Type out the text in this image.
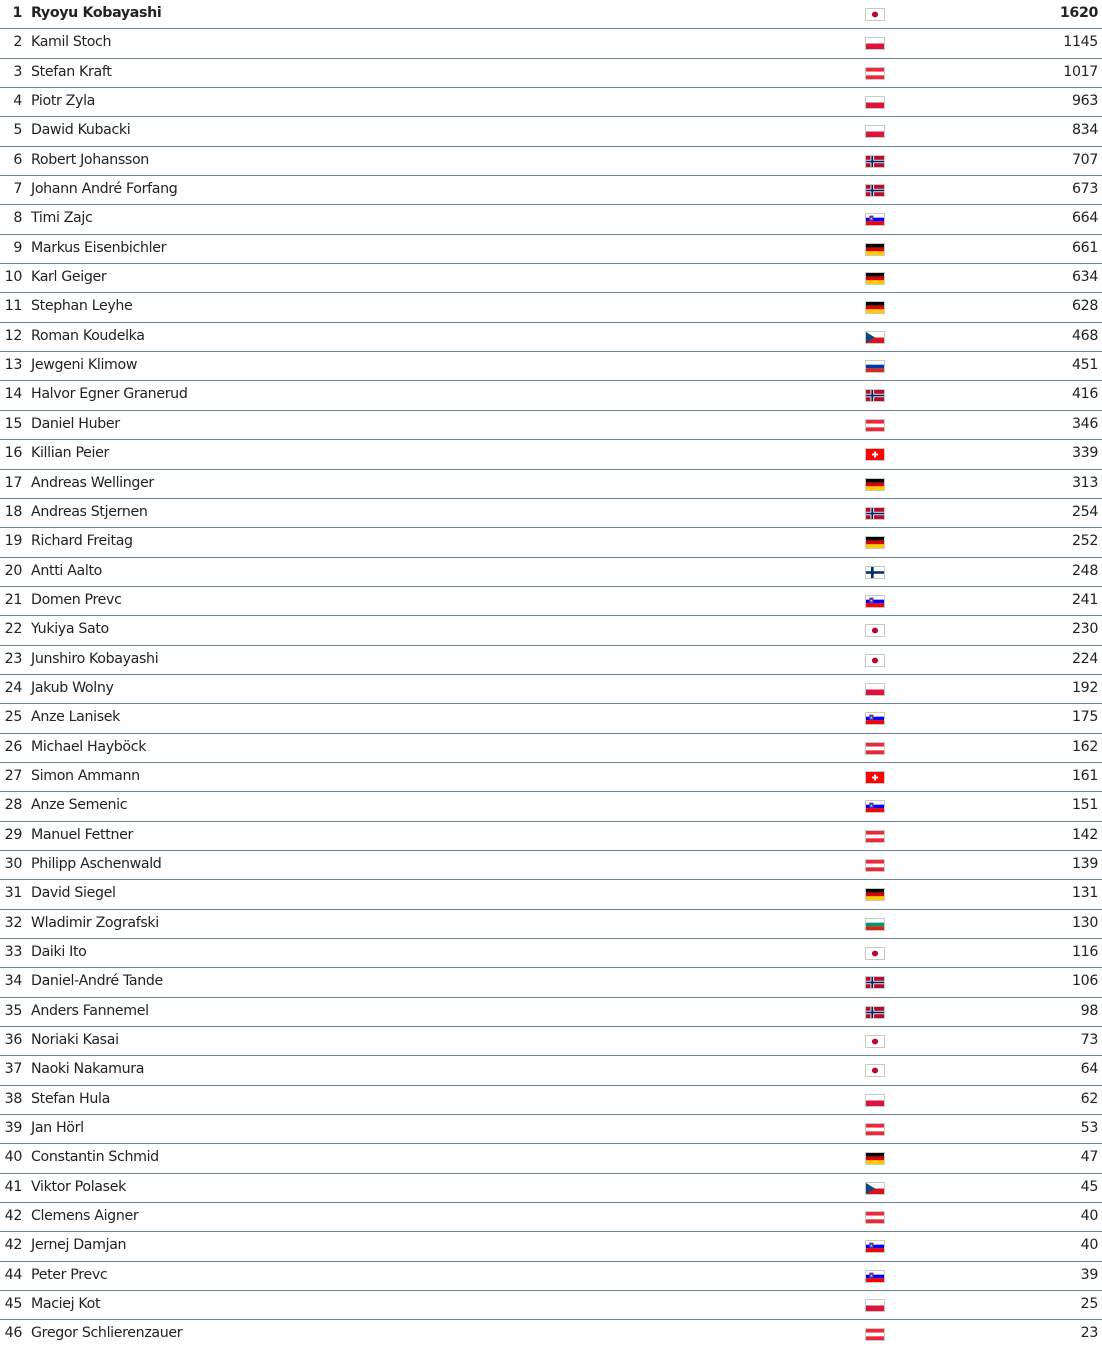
1 Ryoyu Kobayashi	1620
2 Kamil Stoch	1145
3 Stefan Kraft	1017
4 Piotr Zyla	963
5 Dawid Kubacki	834
6 Robert Johansson	707
7 Johann André Forfang	673
8 Timi Zajc	664
9 Markus Eisenbichler	661
10 Karl Geiger	634
11 Stephan Leyhe	628
12 Roman Koudelka	468
13 Jewgeni Klimow	451
14 Halvor Egner Granerud	416
15 Daniel Huber	346
16 Killian Peier	339
17 Andreas Wellinger	313
18 Andreas Stjernen	254
19 Richard Freitag	252
20 Antti Aalto	248
21 Domen Prevc	241
22 Yukiya Sato	230
23 Junshiro Kobayashi	224
24 Jakub Wolny	192
25 Anze Lanisek	175
26 Michael Hayböck	162
27 Simon Ammann	161
28 Anze Semenic	151
29 Manuel Fettner	142
30 Philipp Aschenwald	139
31 David Siegel	131
32 Wladimir Zografski	130
33 Daiki Ito	116
34 Daniel-André Tande	106
35 Anders Fannemel	98
36 Noriaki Kasai	73
37 Naoki Nakamura	64
38 Stefan Hula	62
39 Jan Hörl	53
40 Constantin Schmid	47
41 Viktor Polasek	45
42 Clemens Aigner	40
42 Jernej Damjan	40
44 Peter Prevc	39
45 Maciej Kot	25
46 Gregor Schlierenzauer	23
